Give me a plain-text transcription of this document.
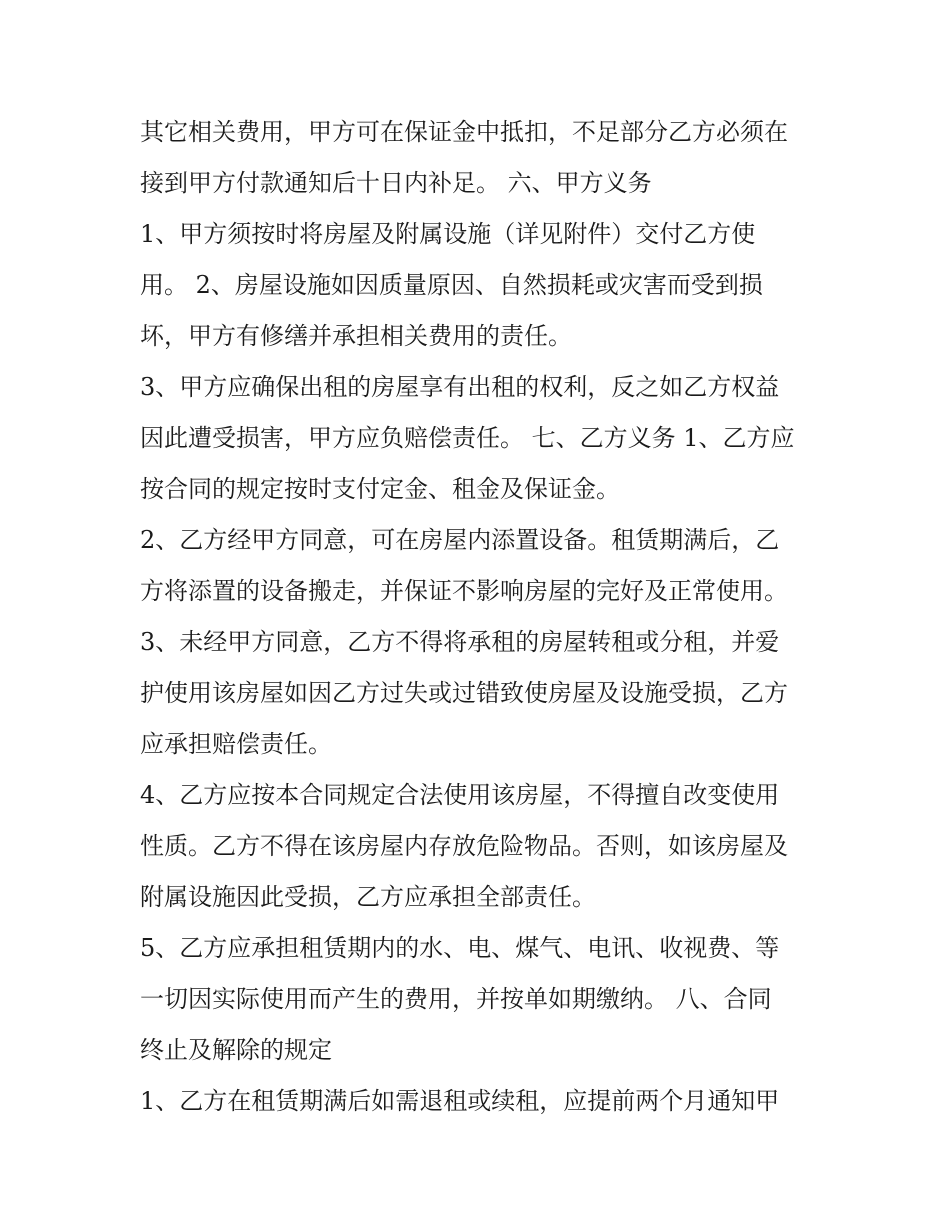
其它相关费用，甲方可在保证金中抵扣，不足部分乙方必须在
接到甲方付款通知后十日内补足。 六、甲方义务
1、甲方须按时将房屋及附属设施（详见附件）交付乙方使
用。 2、房屋设施如因质量原因、自然损耗或灾害而受到损
坏，甲方有修缮并承担相关费用的责任。
3、甲方应确保出租的房屋享有出租的权利，反之如乙方权益
因此遭受损害，甲方应负赔偿责任。 七、乙方义务 1、乙方应
按合同的规定按时支付定金、租金及保证金。
2、乙方经甲方同意，可在房屋内添置设备。租赁期满后，乙
方将添置的设备搬走，并保证不影响房屋的完好及正常使用。
3、未经甲方同意，乙方不得将承租的房屋转租或分租，并爱
护使用该房屋如因乙方过失或过错致使房屋及设施受损，乙方
应承担赔偿责任。
4、乙方应按本合同规定合法使用该房屋，不得擅自改变使用
性质。乙方不得在该房屋内存放危险物品。否则，如该房屋及
附属设施因此受损，乙方应承担全部责任。
5、乙方应承担租赁期内的水、电、煤气、电讯、收视费、等
一切因实际使用而产生的费用，并按单如期缴纳。 八、合同
终止及解除的规定
1、乙方在租赁期满后如需退租或续租，应提前两个月通知甲
